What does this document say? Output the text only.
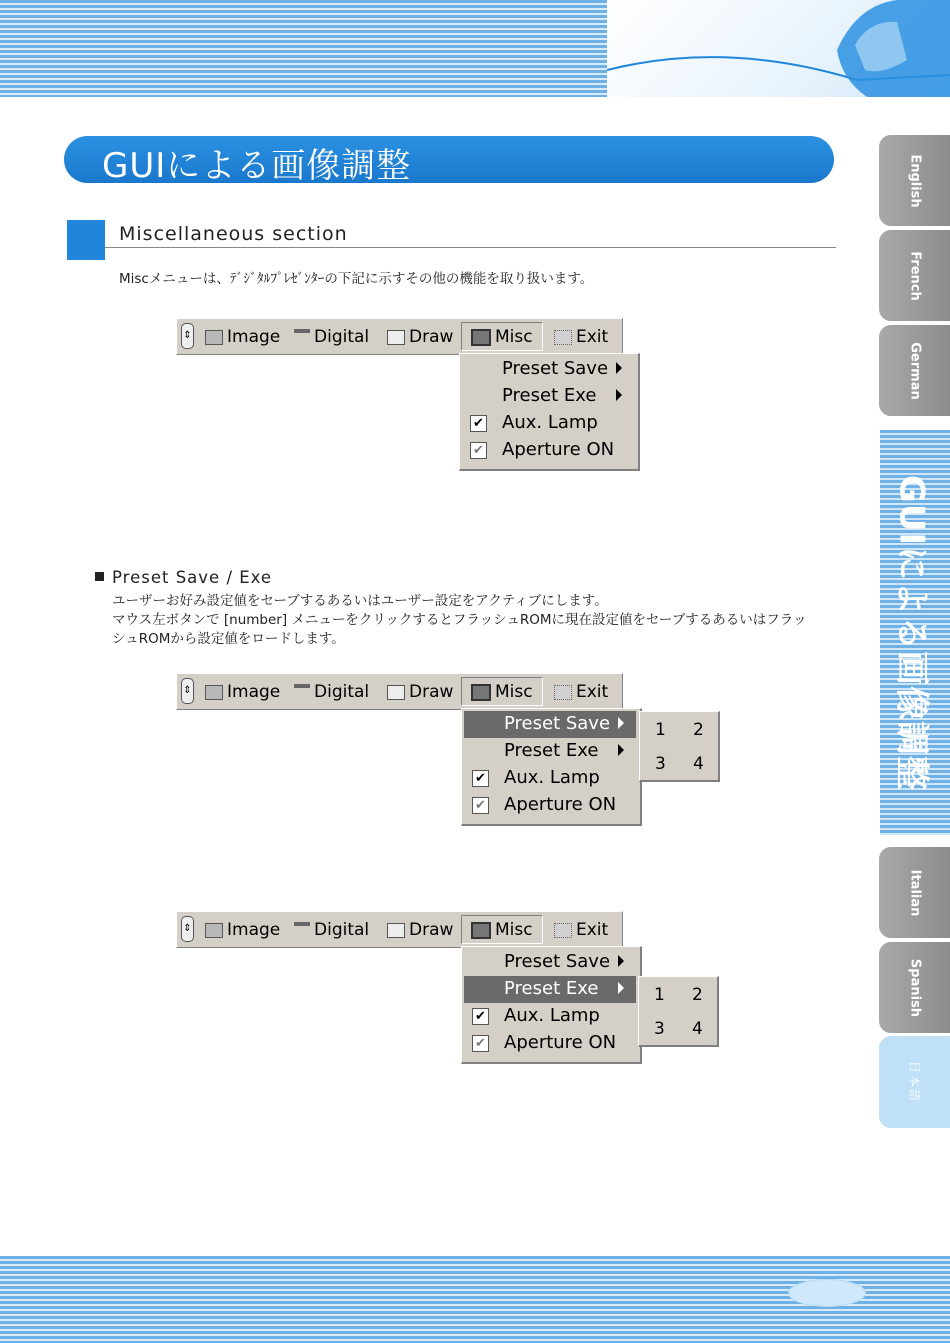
GUIによる画像調整
Miscellaneous section
Miscメニューは、ﾃﾞｼﾞﾀﾙﾌﾟﾚｾﾞﾝﾀｰの下記に示すその他の機能を取り扱います。
⇕ Image Digital Draw Misc	Exit
Preset Save
Preset Exe
✔ Aux. Lamp
✔ Aperture ON
Preset Save / Exe
ユーザーお好み設定値をセーブするあるいはユーザー設定をアクティブにします。
マウス左ボタンで [number] メニューをクリックするとフラッシュROMに現在設定値をセーブするあるいはフラッ
シュROMから設定値をロードします。
⇕ Image Digital Draw Misc	Exit
Preset Save
Preset Exe
✔ Aux. Lamp
✔ Aperture ON
1 2
3 4
⇕ Image Digital Draw Misc	Exit
Preset Save
Preset Exe
✔ Aux. Lamp
✔ Aperture ON
1 2
3 4
English
French
German
GUIによる画像調整
Italian
Spanish
日本語
